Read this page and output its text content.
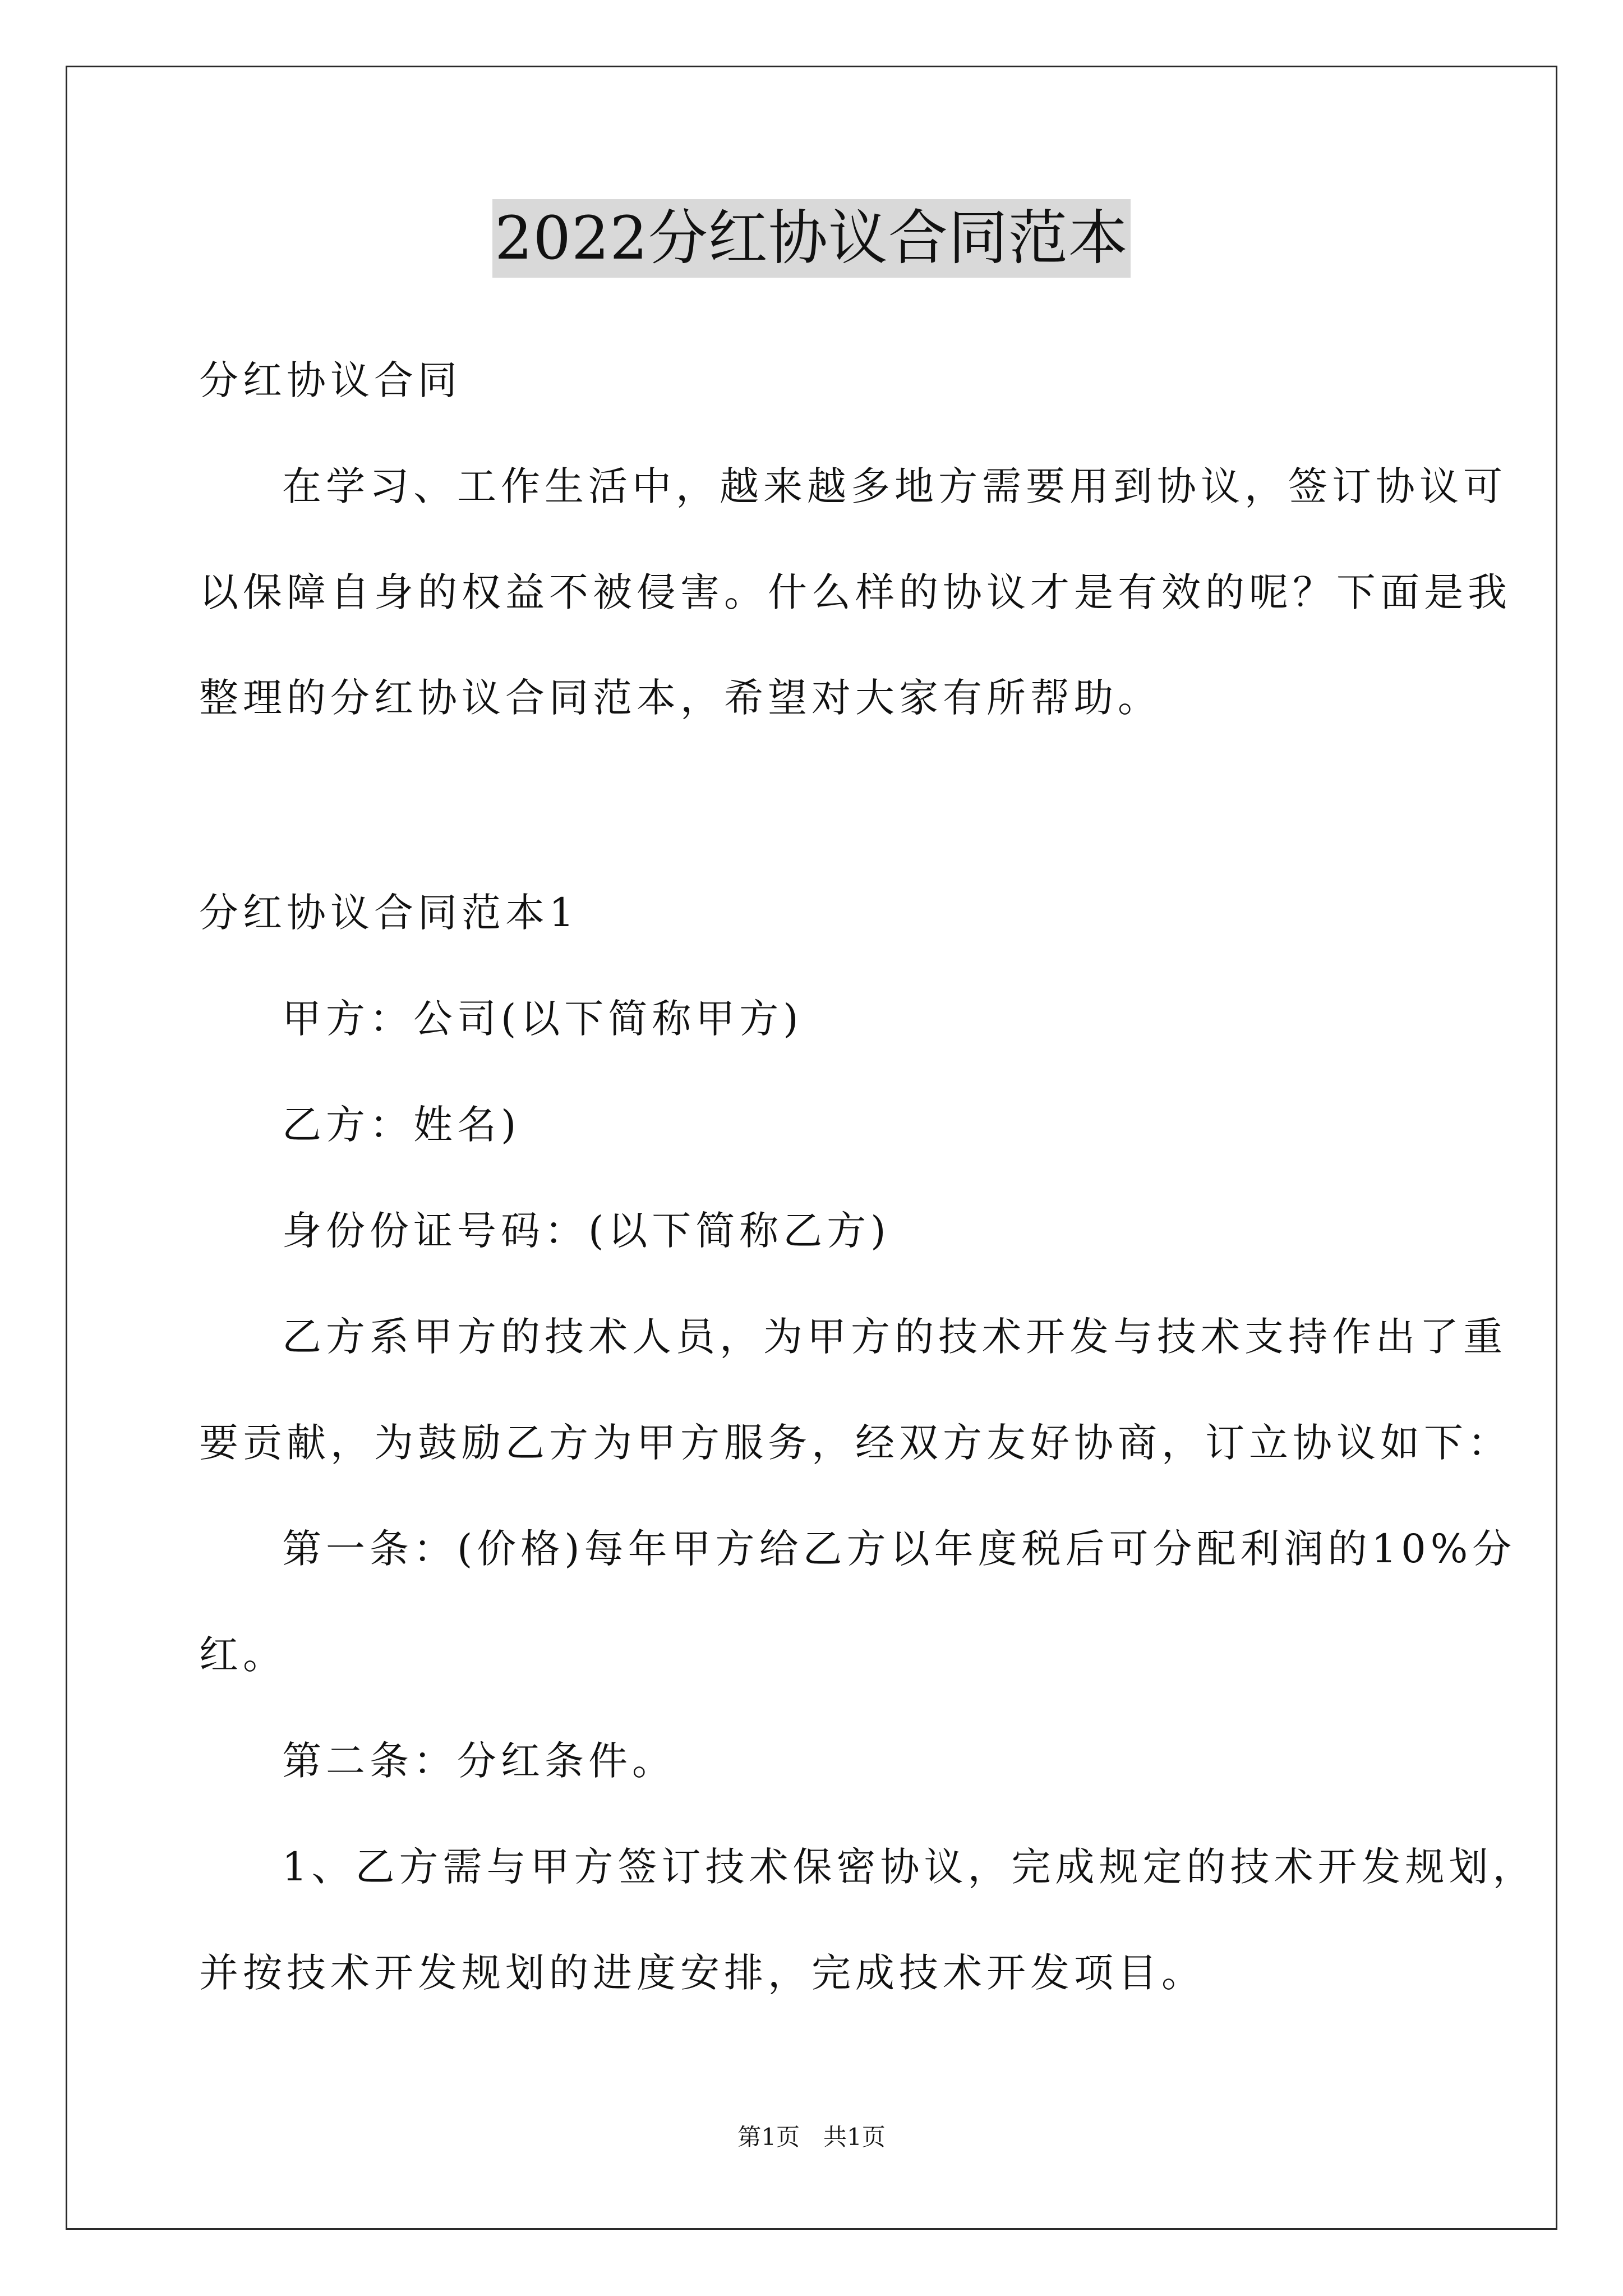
2022分红协议合同范本
分红协议合同
在学习、工作生活中，越来越多地方需要用到协议，签订协议可
以保障自身的权益不被侵害。什么样的协议才是有效的呢？下面是我
整理的分红协议合同范本，希望对大家有所帮助。
分红协议合同范本1
甲方：公司(以下简称甲方)
乙方：姓名)
身份份证号码：(以下简称乙方)
乙方系甲方的技术人员，为甲方的技术开发与技术支持作出了重
要贡献，为鼓励乙方为甲方服务，经双方友好协商，订立协议如下：
第一条：(价格)每年甲方给乙方以年度税后可分配利润的10%分
红。
第二条：分红条件。
1、乙方需与甲方签订技术保密协议，完成规定的技术开发规划，
并按技术开发规划的进度安排，完成技术开发项目。
第1页　共1页
